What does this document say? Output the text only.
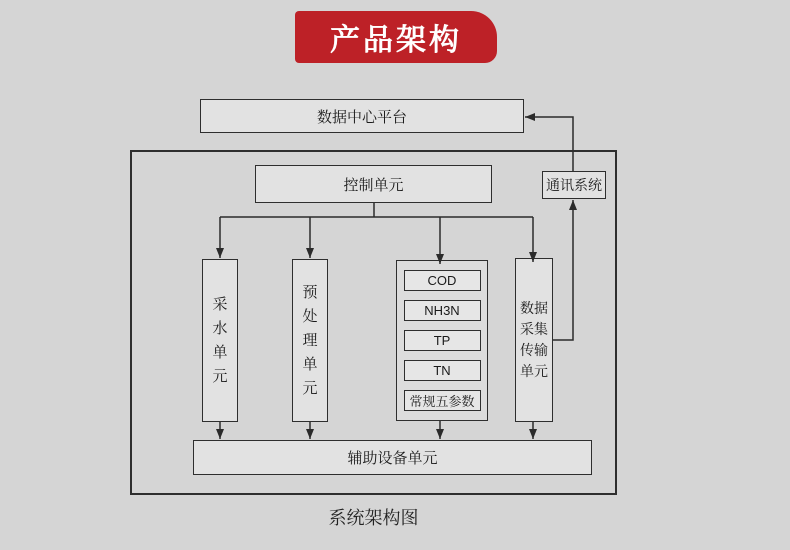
产品架构
数据中心平台
控制单元	通讯系统
采水单元
预处理单元
COD
NH3N
TP
TN
常规五参数
数据采集传输单元
辅助设备单元
系统架构图
